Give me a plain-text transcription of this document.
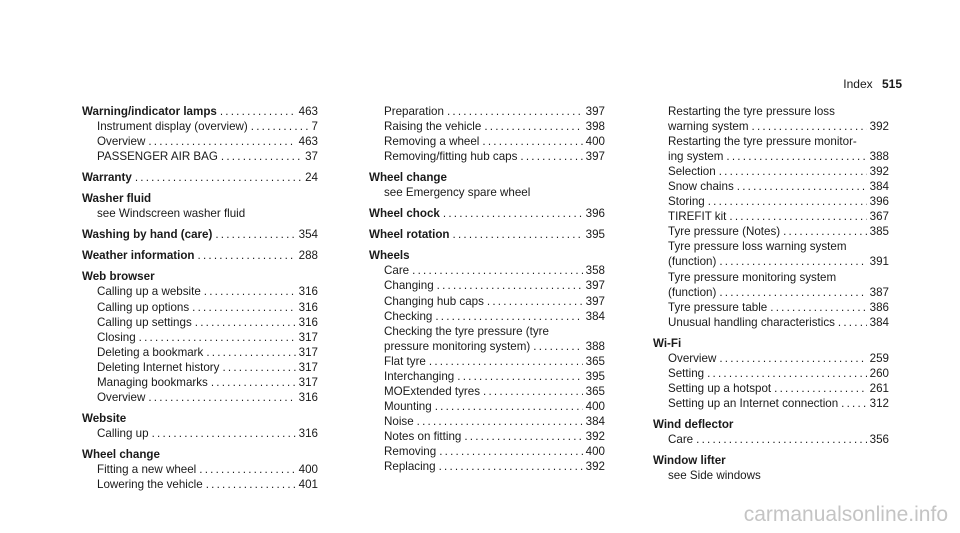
Index 515
Warning/indicator lamps . . .	463
Instrument display (overview) . . .	7
Overview . . .	463
PASSENGER AIR BAG . . .	37
Warranty . . .	24
Washer fluid
see Windscreen washer fluid
Washing by hand (care) . . .	354
Weather information . . .	288
Web browser
Calling up a website . . .	316
Calling up options . . .	316
Calling up settings . . .	316
Closing . . .	317
Deleting a bookmark . . .	317
Deleting Internet history . . .	317
Managing bookmarks . . .	317
Overview . . .	316
Website
Calling up . . .	316
Wheel change
Fitting a new wheel . . .	400
Lowering the vehicle . . .	401
Preparation . . .	397
Raising the vehicle . . .	398
Removing a wheel . . .	400
Removing/fitting hub caps . . .	397
Wheel change
see Emergency spare wheel
Wheel chock . . .	396
Wheel rotation . . .	395
Wheels
Care . . .	358
Changing . . .	397
Changing hub caps . . .	397
Checking . . .	384
Checking the tyre pressure (tyre
pressure monitoring system) . . .	388
Flat tyre . . .	365
Interchanging . . .	395
MOExtended tyres . . .	365
Mounting . . .	400
Noise . . .	384
Notes on fitting . . .	392
Removing . . .	400
Replacing . . .	392
Restarting the tyre pressure loss
warning system . . .	392
Restarting the tyre pressure monitor-
ing system . . .	388
Selection . . .	392
Snow chains . . .	384
Storing . . .	396
TIREFIT kit . . .	367
Tyre pressure (Notes) . . .	385
Tyre pressure loss warning system
(function) . . .	391
Tyre pressure monitoring system
(function) . . .	387
Tyre pressure table . . .	386
Unusual handling characteristics . . .	384
Wi-Fi
Overview . . .	259
Setting . . .	260
Setting up a hotspot . . .	261
Setting up an Internet connection . . .	312
Wind deflector
Care . . .	356
Window lifter
see Side windows
carmanualsonline.info
